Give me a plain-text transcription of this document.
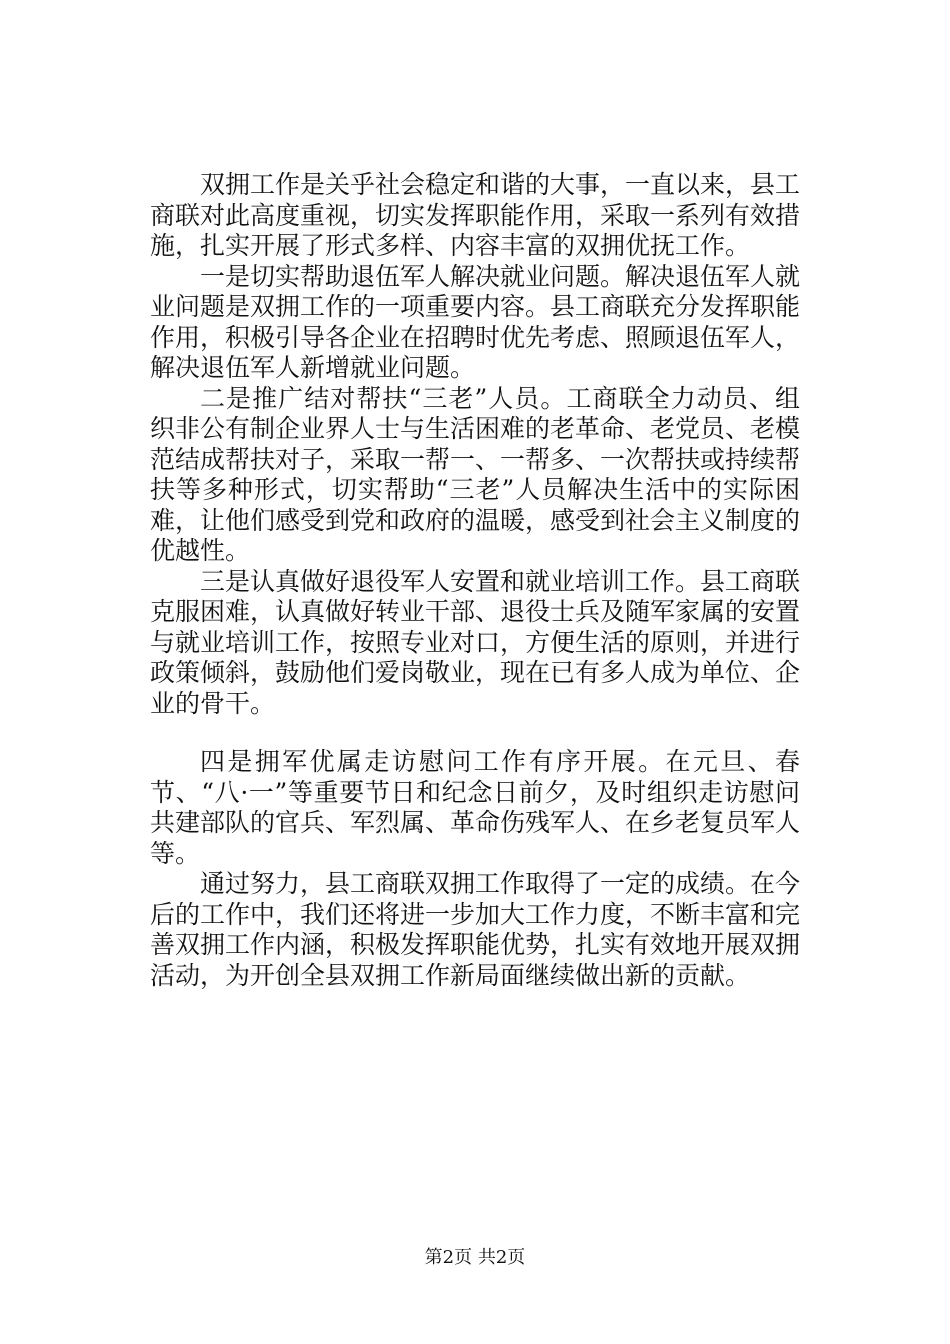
双拥工作是关乎社会稳定和谐的大事，一直以来，县工商联对此高度重视，切实发挥职能作用，采取一系列有效措施，扎实开展了形式多样、内容丰富的双拥优抚工作。

一是切实帮助退伍军人解决就业问题。解决退伍军人就业问题是双拥工作的一项重要内容。县工商联充分发挥职能作用，积极引导各企业在招聘时优先考虑、照顾退伍军人，解决退伍军人新增就业问题。

二是推广结对帮扶“三老”人员。工商联全力动员、组织非公有制企业界人士与生活困难的老革命、老党员、老模范结成帮扶对子，采取一帮一、一帮多、一次帮扶或持续帮扶等多种形式，切实帮助“三老”人员解决生活中的实际困难，让他们感受到党和政府的温暖，感受到社会主义制度的优越性。

三是认真做好退役军人安置和就业培训工作。县工商联克服困难，认真做好转业干部、退役士兵及随军家属的安置与就业培训工作，按照专业对口，方便生活的原则，并进行政策倾斜，鼓励他们爱岗敬业，现在已有多人成为单位、企业的骨干。

四是拥军优属走访慰问工作有序开展。在元旦、春节、“八·一”等重要节日和纪念日前夕，及时组织走访慰问共建部队的官兵、军烈属、革命伤残军人、在乡老复员军人等。

通过努力，县工商联双拥工作取得了一定的成绩。在今后的工作中，我们还将进一步加大工作力度，不断丰富和完善双拥工作内涵，积极发挥职能优势，扎实有效地开展双拥活动，为开创全县双拥工作新局面继续做出新的贡献。

第2页 共2页
